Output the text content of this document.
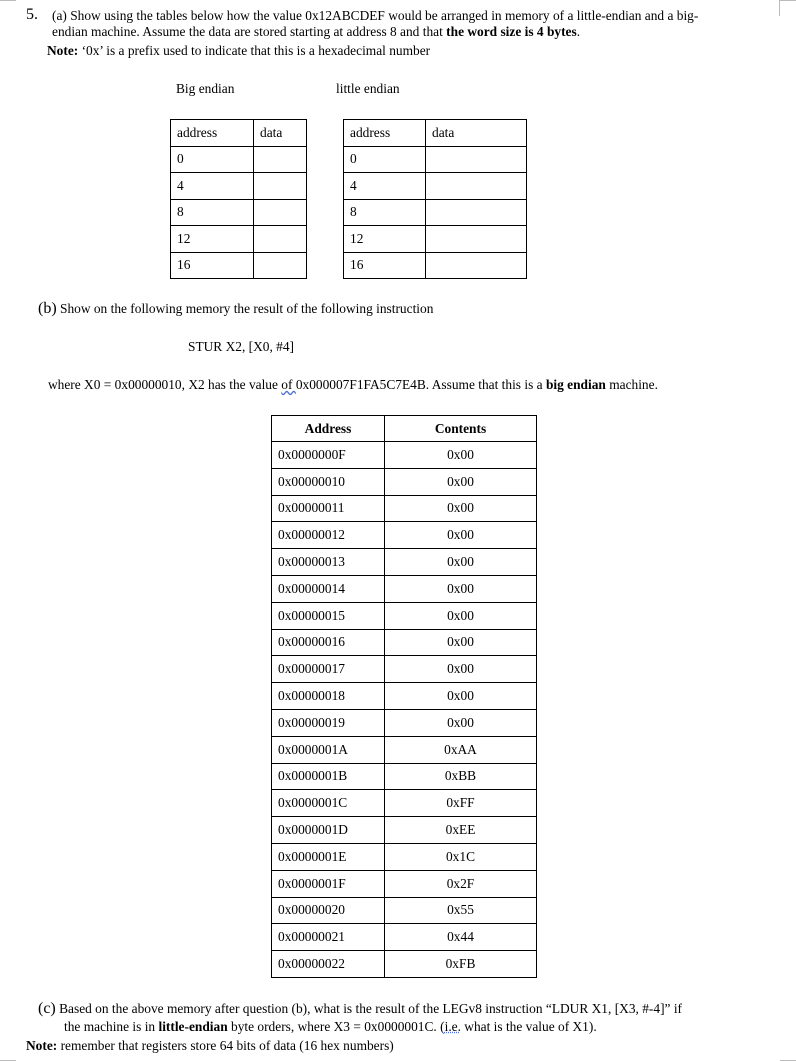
5. (a) Show using the tables below how the value 0x12ABCDEF would be arranged in memory of a little-endian and a big-
endian machine. Assume the data are stored starting at address 8 and that the word size is 4 bytes.
Note: ‘0x’ is a prefix used to indicate that this is a hexadecimal number
Big endian	little endian
address	data
0	
4	
8	
12	
16	
address	data
0	
4	
8	
12	
16	
(b) Show on the following memory the result of the following instruction
STUR X2, [X0, #4]
where X0 = 0x00000010, X2 has the value of 0x000007F1FA5C7E4B. Assume that this is a big endian machine.
Address	Contents
0x0000000F	0x00
0x00000010	0x00
0x00000011	0x00
0x00000012	0x00
0x00000013	0x00
0x00000014	0x00
0x00000015	0x00
0x00000016	0x00
0x00000017	0x00
0x00000018	0x00
0x00000019	0x00
0x0000001A	0xAA
0x0000001B	0xBB
0x0000001C	0xFF
0x0000001D	0xEE
0x0000001E	0x1C
0x0000001F	0x2F
0x00000020	0x55
0x00000021	0x44
0x00000022	0xFB
(c) Based on the above memory after question (b), what is the result of the LEGv8 instruction “LDUR X1, [X3, #-4]” if
the machine is in little-endian byte orders, where X3 = 0x0000001C. (i.e. what is the value of X1).
Note: remember that registers store 64 bits of data (16 hex numbers)
